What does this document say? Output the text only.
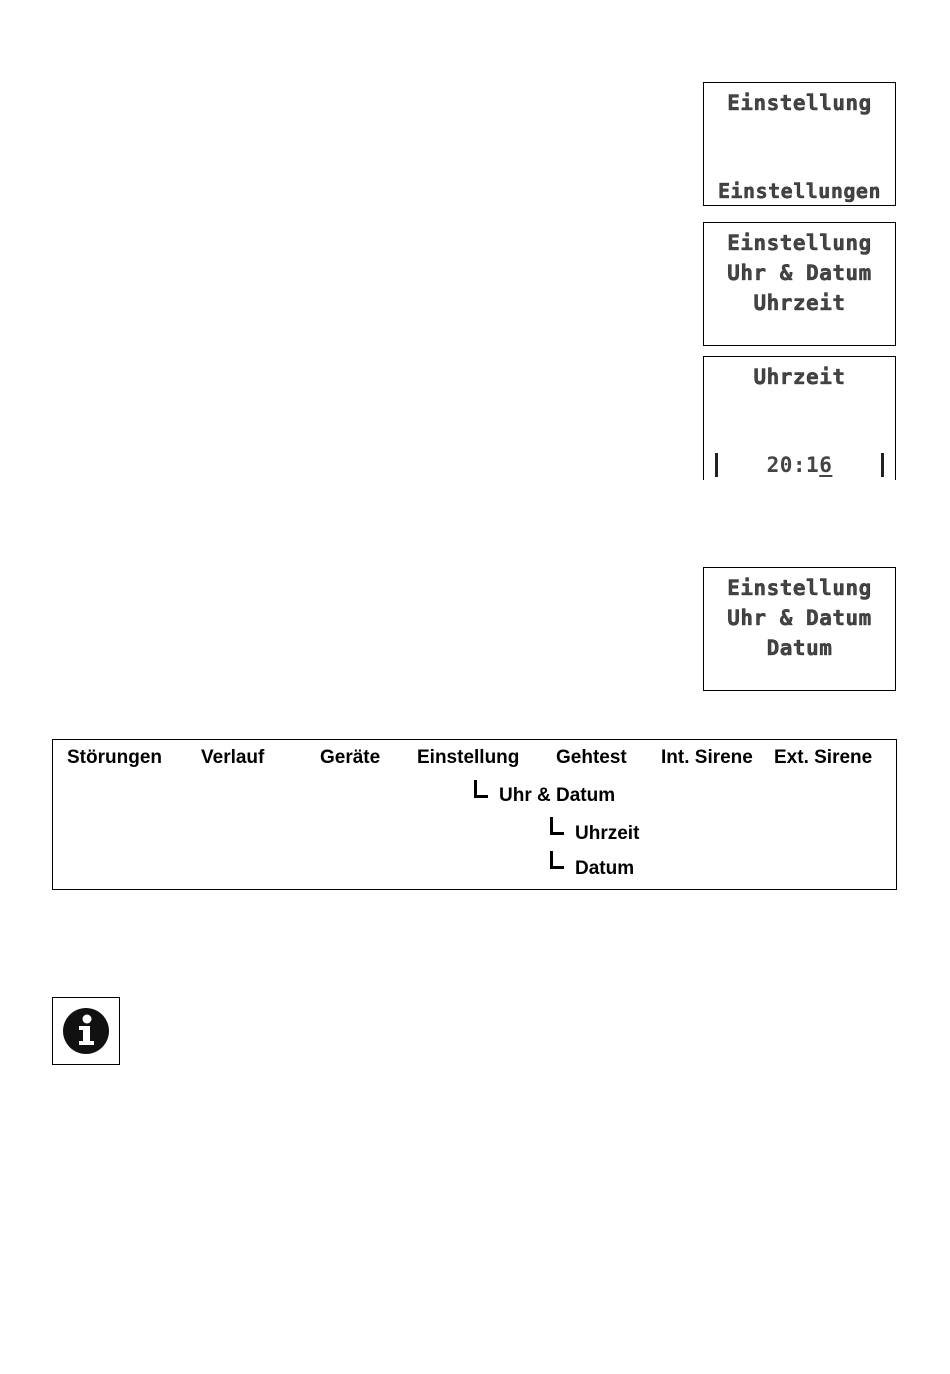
Einstellung
Einstellungen
Einstellung
Uhr & Datum
Uhrzeit
Uhrzeit
20:16
Einstellung
Uhr & Datum
Datum
Störungen Verlauf	Geräte Einstellung Gehtest Int. Sirene Ext. Sirene
Uhr & Datum
Uhrzeit
Datum
